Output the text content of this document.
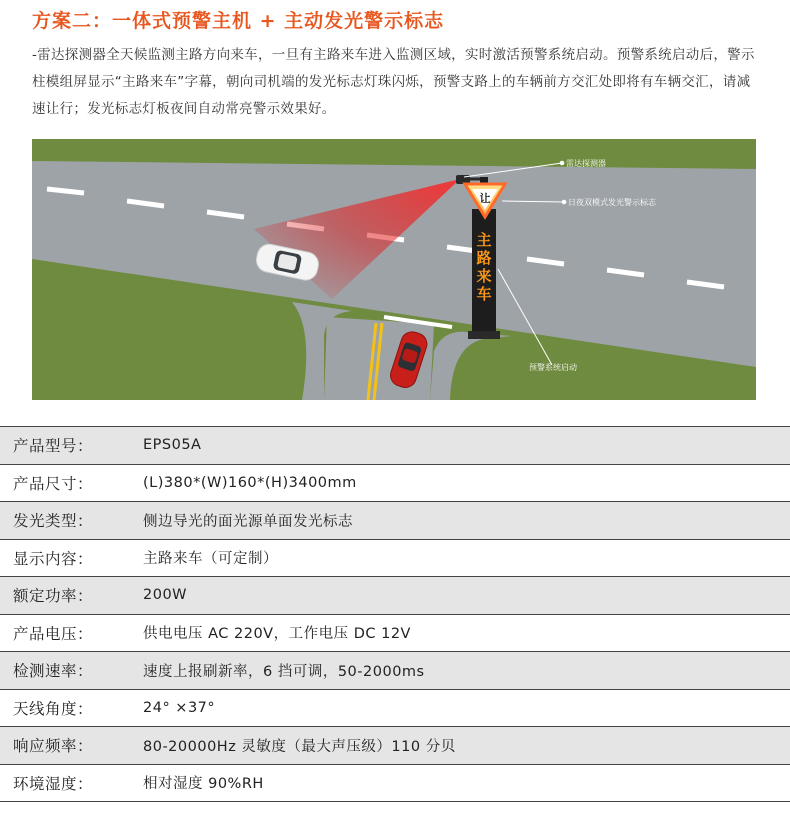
方案二：一体式预警主机 + 主动发光警示标志
-雷达探测器全天候监测主路方向来车，一旦有主路来车进入监测区域，实时激活预警系统启动。预警系统启动后，警示柱模组屏显示“主路来车”字幕，朝向司机端的发光标志灯珠闪烁，预警支路上的车辆前方交汇处即将有车辆交汇，请减速让行；发光标志灯板夜间自动常亮警示效果好。
让
主
路
来
车
雷达探测器
日夜双模式发光警示标志
预警系统启动
产品型号：	EPS05A
产品尺寸：	(L)380*(W)160*(H)3400mm
发光类型：	侧边导光的面光源单面发光标志
显示内容：	主路来车（可定制）
额定功率：	200W
产品电压：	供电电压 AC 220V，工作电压 DC 12V
检测速率：	速度上报刷新率，6 挡可调，50-2000ms
天线角度：	24° ×37°
响应频率：	80-20000Hz 灵敏度（最大声压级）110 分贝
环境湿度：	相对湿度 90%RH
